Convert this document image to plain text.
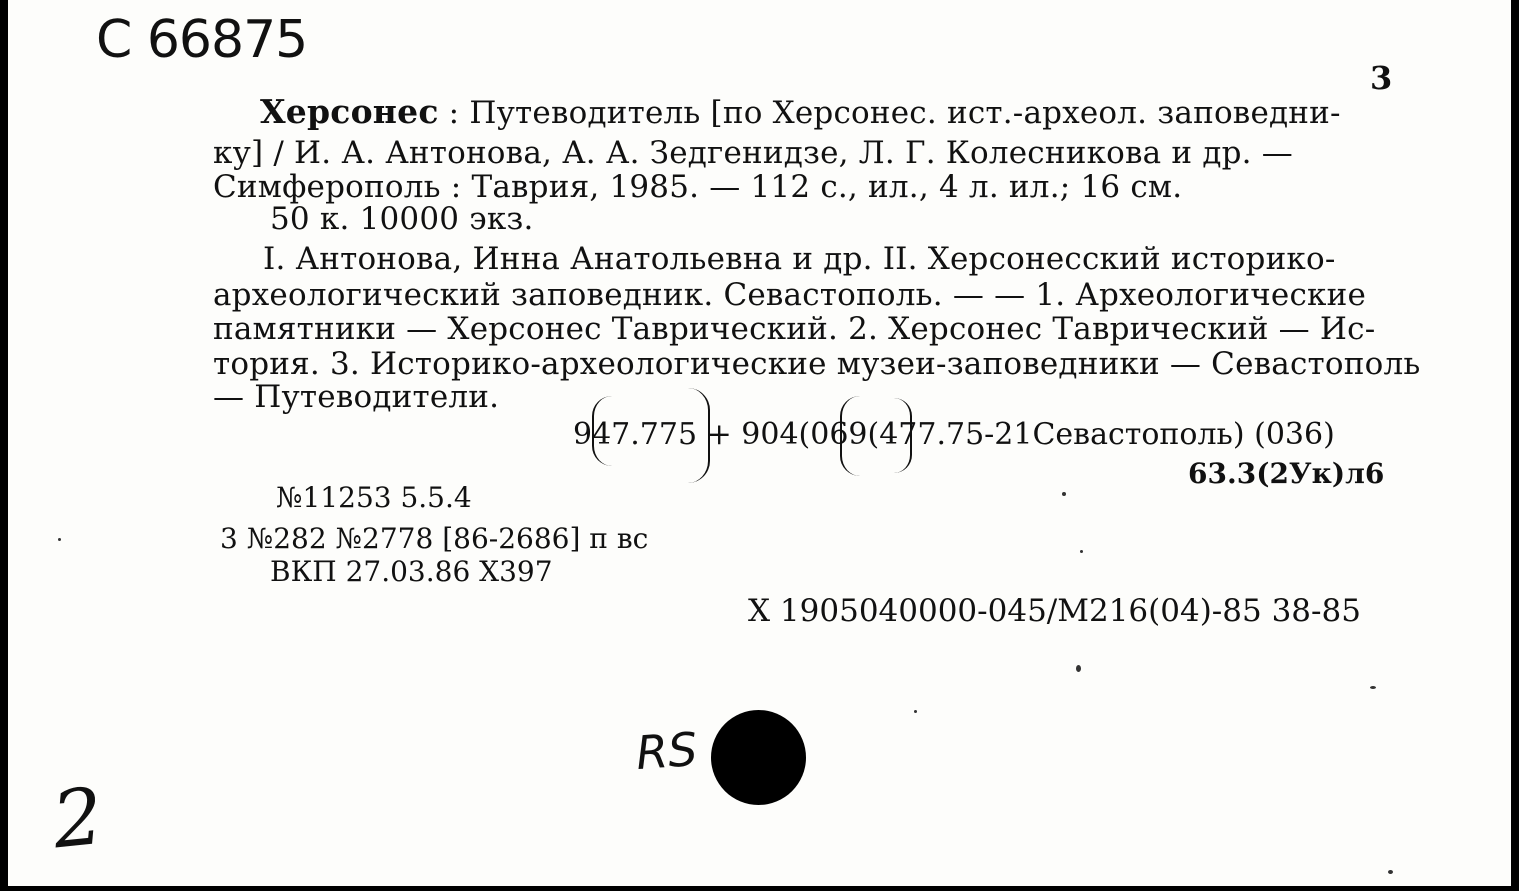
С 66875
3
Херсонес : Путеводитель [по Херсонес. ист.-археол. заповедни-
ку] / И. А. Антонова, А. А. Зедгенидзе, Л. Г. Колесникова и др. —
Симферополь : Таврия, 1985. — 112 с., ил., 4 л. ил.; 16 см.
50 к. 10000 экз.
I. Антонова, Инна Анатольевна и др. II. Херсонесский историко-
археологический заповедник. Севастополь. — — 1. Археологические
памятники — Херсонес Таврический. 2. Херсонес Таврический — Ис-
тория. 3. Историко-археологические музеи-заповедники — Севастополь
— Путеводители.
947.775 + 904(069(477.75-21Севастополь) (036)
63.3(2Ук)л6
№11253 5.5.4
3 №282 №2778 [86-2686] п вс
ВКП 27.03.86 Х397
Х 1905040000-045/М216(04)-85 38-85
RS
2
